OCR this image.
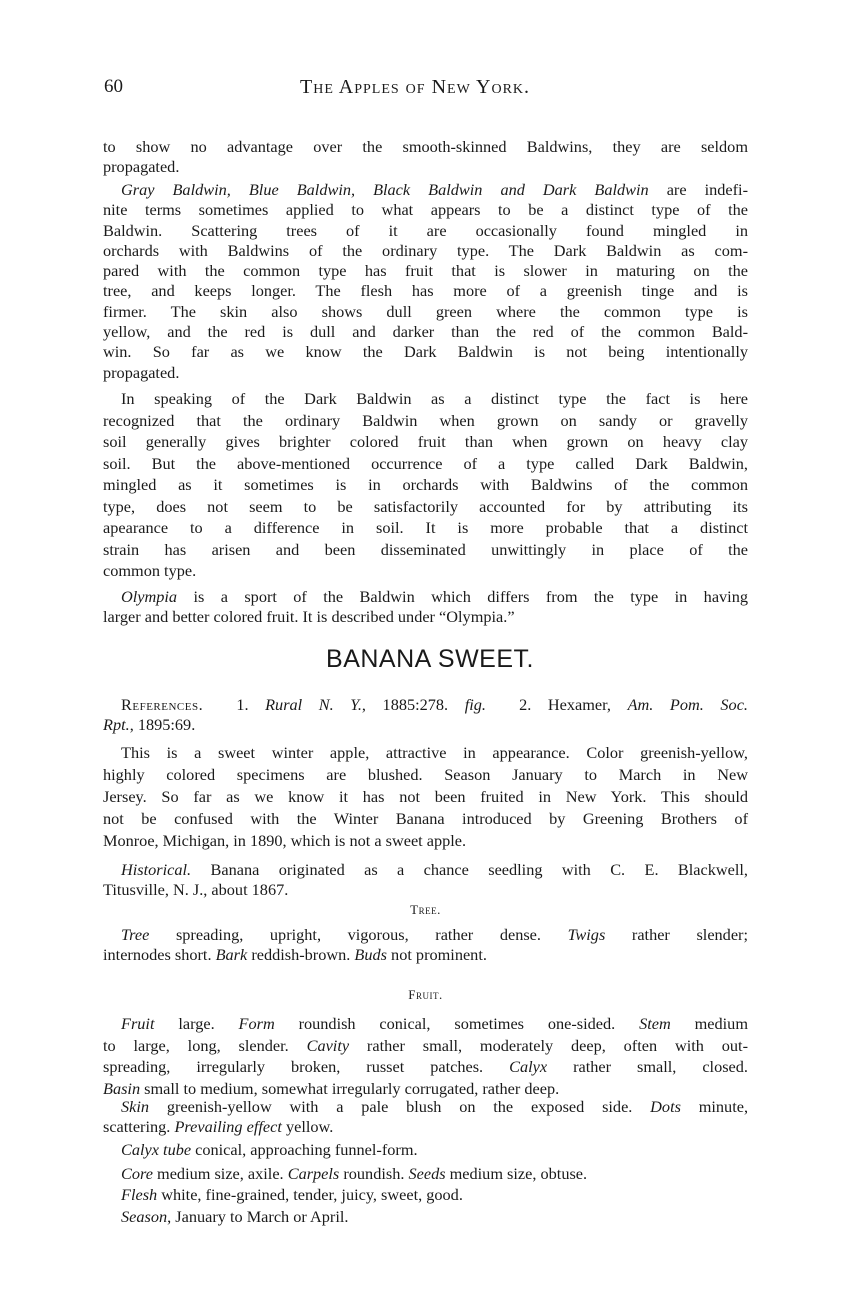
60	The Apples of New York.
BANANA SWEET.
to show no advantage over the smooth-skinned Baldwins, they are seldom
propagated.
Gray Baldwin, Blue Baldwin, Black Baldwin and Dark Baldwin are indefi-
nite terms sometimes applied to what appears to be a distinct type of the
Baldwin. Scattering trees of it are occasionally found mingled in
orchards with Baldwins of the ordinary type. The Dark Baldwin as com-
pared with the common type has fruit that is slower in maturing on the
tree, and keeps longer. The flesh has more of a greenish tinge and is
firmer. The skin also shows dull green where the common type is
yellow, and the red is dull and darker than the red of the common Bald-
win. So far as we know the Dark Baldwin is not being intentionally
propagated.
In speaking of the Dark Baldwin as a distinct type the fact is here
recognized that the ordinary Baldwin when grown on sandy or gravelly
soil generally gives brighter colored fruit than when grown on heavy clay
soil. But the above-mentioned occurrence of a type called Dark Baldwin,
mingled as it sometimes is in orchards with Baldwins of the common
type, does not seem to be satisfactorily accounted for by attributing its
apearance to a difference in soil. It is more probable that a distinct
strain has arisen and been disseminated unwittingly in place of the
common type.
Olympia is a sport of the Baldwin which differs from the type in having
larger and better colored fruit. It is described under “Olympia.”
References.  1. Rural N. Y., 1885:278. fig.  2. Hexamer, Am. Pom. Soc.
Rpt., 1895:69.
This is a sweet winter apple, attractive in appearance. Color greenish-yellow,
highly colored specimens are blushed. Season January to March in New
Jersey. So far as we know it has not been fruited in New York. This should
not be confused with the Winter Banana introduced by Greening Brothers of
Monroe, Michigan, in 1890, which is not a sweet apple.
Historical. Banana originated as a chance seedling with C. E. Blackwell,
Titusville, N. J., about 1867.
Tree.
Tree spreading, upright, vigorous, rather dense. Twigs rather slender;
internodes short. Bark reddish-brown. Buds not prominent.
Fruit.
Fruit large. Form roundish conical, sometimes one-sided. Stem medium
to large, long, slender. Cavity rather small, moderately deep, often with out-
spreading, irregularly broken, russet patches. Calyx rather small, closed.
Basin small to medium, somewhat irregularly corrugated, rather deep.
Skin greenish-yellow with a pale blush on the exposed side. Dots minute,
scattering. Prevailing effect yellow.
Calyx tube conical, approaching funnel-form.
Core medium size, axile. Carpels roundish. Seeds medium size, obtuse.
Flesh white, fine-grained, tender, juicy, sweet, good.
Season, January to March or April.
